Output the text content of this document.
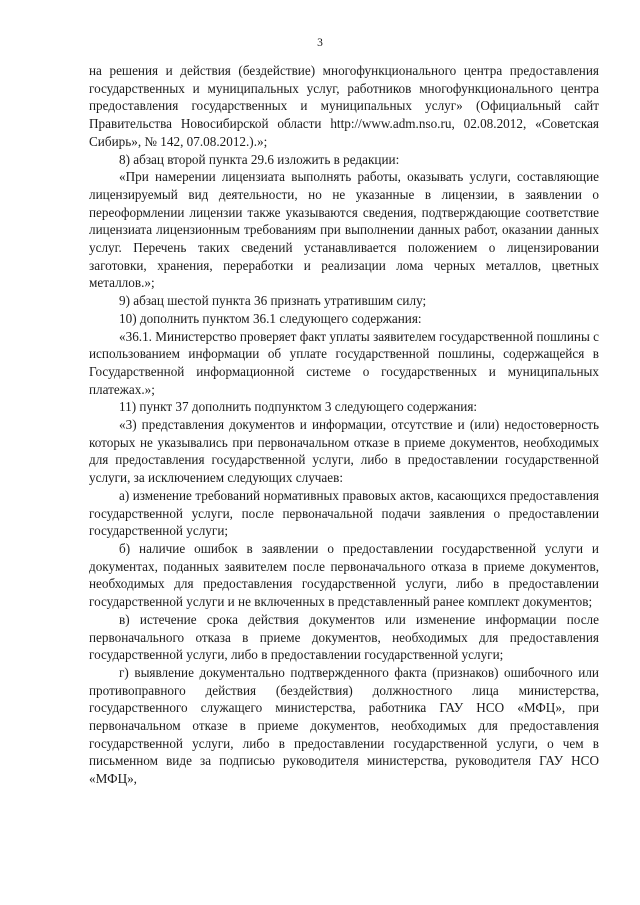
3

на решения и действия (бездействие) многофункционального центра предоставления государственных и муниципальных услуг, работников многофункционального центра предоставления государственных и муниципальных услуг» (Официальный сайт Правительства Новосибирской области http://www.adm.nso.ru, 02.08.2012, «Советская Сибирь», № 142, 07.08.2012.).»;

8) абзац второй пункта 29.6 изложить в редакции:

«При намерении лицензиата выполнять работы, оказывать услуги, составляющие лицензируемый вид деятельности, но не указанные в лицензии, в заявлении о переоформлении лицензии также указываются сведения, подтверждающие соответствие лицензиата лицензионным требованиям при выполнении данных работ, оказании данных услуг. Перечень таких сведений устанавливается положением о лицензировании заготовки, хранения, переработки и реализации лома черных металлов, цветных металлов.»;

9) абзац шестой пункта 36 признать утратившим силу;

10) дополнить пунктом 36.1 следующего содержания:

«36.1. Министерство проверяет факт уплаты заявителем государственной пошлины с использованием информации об уплате государственной пошлины, содержащейся в Государственной информационной системе о государственных и муниципальных платежах.»;

11) пункт 37 дополнить подпунктом 3 следующего содержания:

«3) представления документов и информации, отсутствие и (или) недостоверность которых не указывались при первоначальном отказе в приеме документов, необходимых для предоставления государственной услуги, либо в предоставлении государственной услуги, за исключением следующих случаев:

а) изменение требований нормативных правовых актов, касающихся предоставления государственной услуги, после первоначальной подачи заявления о предоставлении государственной услуги;

б) наличие ошибок в заявлении о предоставлении государственной услуги и документах, поданных заявителем после первоначального отказа в приеме документов, необходимых для предоставления государственной услуги, либо в предоставлении государственной услуги и не включенных в представленный ранее комплект документов;

в) истечение срока действия документов или изменение информации после первоначального отказа в приеме документов, необходимых для предоставления государственной услуги, либо в предоставлении государственной услуги;

г) выявление документально подтвержденного факта (признаков) ошибочного или противоправного действия (бездействия) должностного лица министерства, государственного служащего министерства, работника ГАУ НСО «МФЦ», при первоначальном отказе в приеме документов, необходимых для предоставления государственной услуги, либо в предоставлении государственной услуги, о чем в письменном виде за подписью руководителя министерства, руководителя ГАУ НСО «МФЦ»,
